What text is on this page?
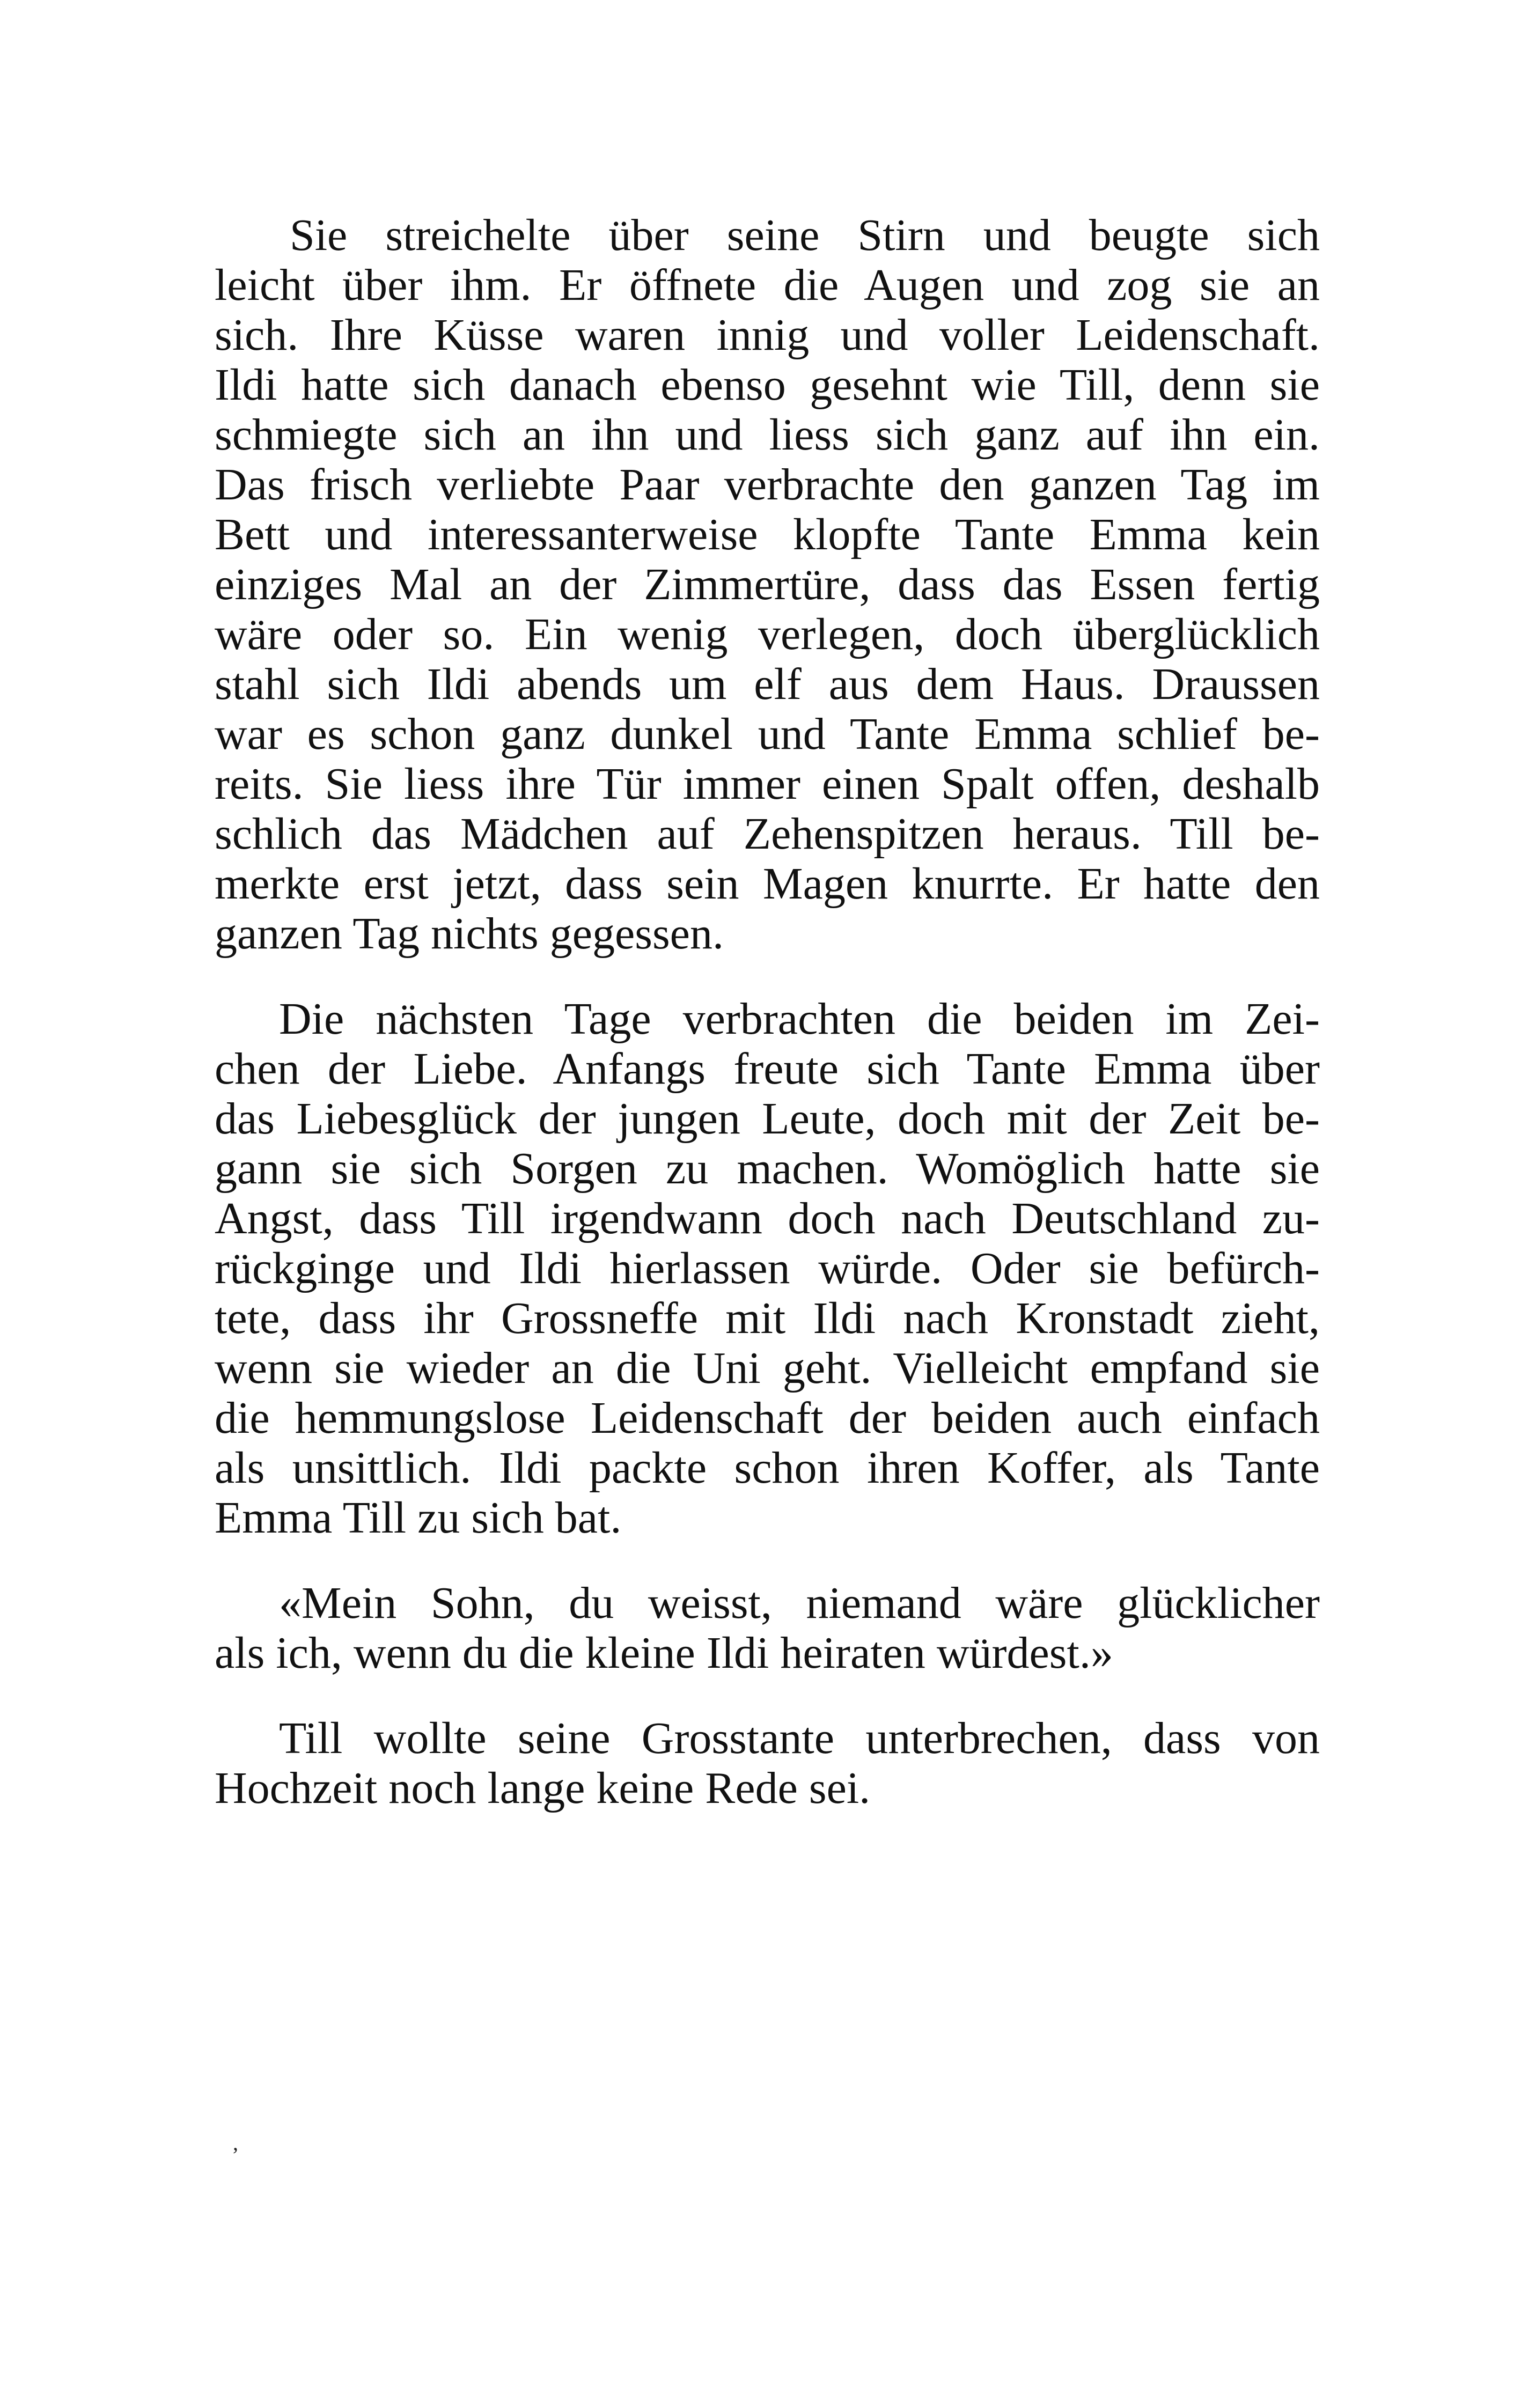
Sie streichelte über seine Stirn und beugte sich
leicht über ihm. Er öffnete die Augen und zog sie an
sich. Ihre Küsse waren innig und voller Leidenschaft.
Ildi hatte sich danach ebenso gesehnt wie Till, denn sie
schmiegte sich an ihn und liess sich ganz auf ihn ein.
Das frisch verliebte Paar verbrachte den ganzen Tag im
Bett und interessanterweise klopfte Tante Emma kein
einziges Mal an der Zimmertüre, dass das Essen fertig
wäre oder so. Ein wenig verlegen, doch überglücklich
stahl sich Ildi abends um elf aus dem Haus. Draussen
war es schon ganz dunkel und Tante Emma schlief be-
reits. Sie liess ihre Tür immer einen Spalt offen, deshalb
schlich das Mädchen auf Zehenspitzen heraus. Till be-
merkte erst jetzt, dass sein Magen knurrte. Er hatte den
ganzen Tag nichts gegessen.
Die nächsten Tage verbrachten die beiden im Zei-
chen der Liebe. Anfangs freute sich Tante Emma über
das Liebesglück der jungen Leute, doch mit der Zeit be-
gann sie sich Sorgen zu machen. Womöglich hatte sie
Angst, dass Till irgendwann doch nach Deutschland zu-
rückginge und Ildi hierlassen würde. Oder sie befürch-
tete, dass ihr Grossneffe mit Ildi nach Kronstadt zieht,
wenn sie wieder an die Uni geht. Vielleicht empfand sie
die hemmungslose Leidenschaft der beiden auch einfach
als unsittlich. Ildi packte schon ihren Koffer, als Tante
Emma Till zu sich bat.
«Mein Sohn, du weisst, niemand wäre glücklicher
als ich, wenn du die kleine Ildi heiraten würdest.»
Till wollte seine Grosstante unterbrechen, dass von
Hochzeit noch lange keine Rede sei.
ʼ
